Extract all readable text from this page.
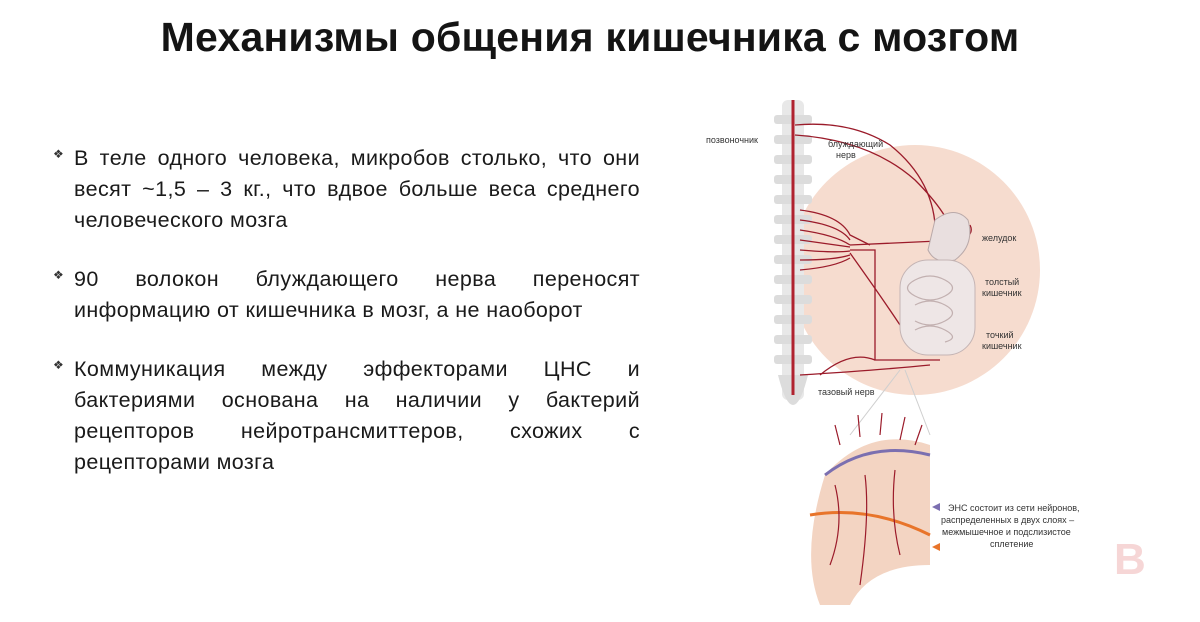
Механизмы общения кишечника с мозгом
❖ В теле одного человека, микробов столько, что они весят ~1,5 – 3 кг., что вдвое больше веса среднего человеческого мозга
❖ 90 волокон блуждающего нерва переносят информацию от кишечника в мозг, а не наоборот
❖ Коммуникация между эффекторами ЦНС и бактериями основана на наличии у бактерий рецепторов нейротрансмиттеров, схожих с рецепторами мозга
позвоночник	блуждающий
нерв
желудок
толстый
кишечник
точкий
кишечник
тазовый нерв
ЭНС состоит из сети нейронов,
распределенных в двух слоях –
межмышечное и подслизистое
сплетение B
